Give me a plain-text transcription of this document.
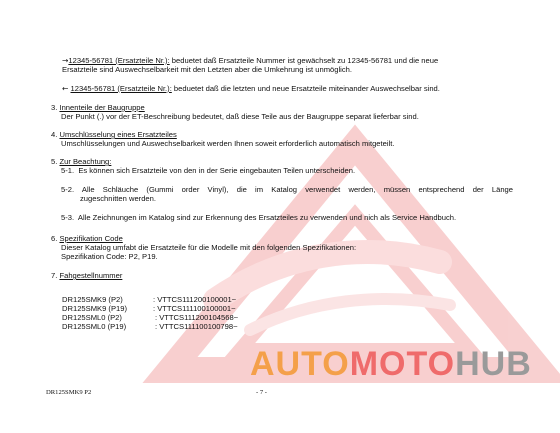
AUTOMOTOHUB
→12345-56781 (Ersatzteile Nr.): beduetet daß Ersatzteile Nummer ist gewächselt zu 12345-56781 und die neue
Ersatzteile sind Auswechselbarkeit mit den Letzten aber die Umkehrung ist unmöglich.
← 12345-56781 (Ersatzteile Nr.): beduetet daß die letzten und neue Ersatzteile miteinander Auswechselbar sind.
3. Innenteile der Baugruppe
Der Punkt (.) vor der ET-Beschreibung bedeutet, daß diese Teile aus der Baugruppe separat lieferbar sind.
4. Umschlüsselung eines Ersatzteiles
Umschlüsselungen und Auswechselbarkeit werden Ihnen soweit erforderlich automatisch mitgeteilt.
5. Zur Beachtung:
5-1. Es können sich Ersatzteile von den in der Serie eingebauten Teilen unterscheiden.
5-2. Alle Schläuche (Gummi order Vinyl), die im Katalog verwendet werden, müssen entsprechend der Länge
zugeschnitten werden.
5-3. Alle Zeichnungen im Katalog sind zur Erkennung des Ersatzteiles zu verwenden und nich als Service Handbuch.
6. Spezifikation Code
Dieser Katalog umfabt die Ersatzteile für die Modelle mit den folgenden Spezifikationen:
Spezifikation Code: P2, P19.
7. Fahgestellnummer
DR125SMK9 (P2)	: VTTCS111200100001~
DR125SMK9 (P19)	: VTTCS111100100001~
DR125SML0 (P2)	: VTTCS111200104568~
DR125SML0 (P19)	: VTTCS111100100798~
DR125SMK9 P2	- 7 -
